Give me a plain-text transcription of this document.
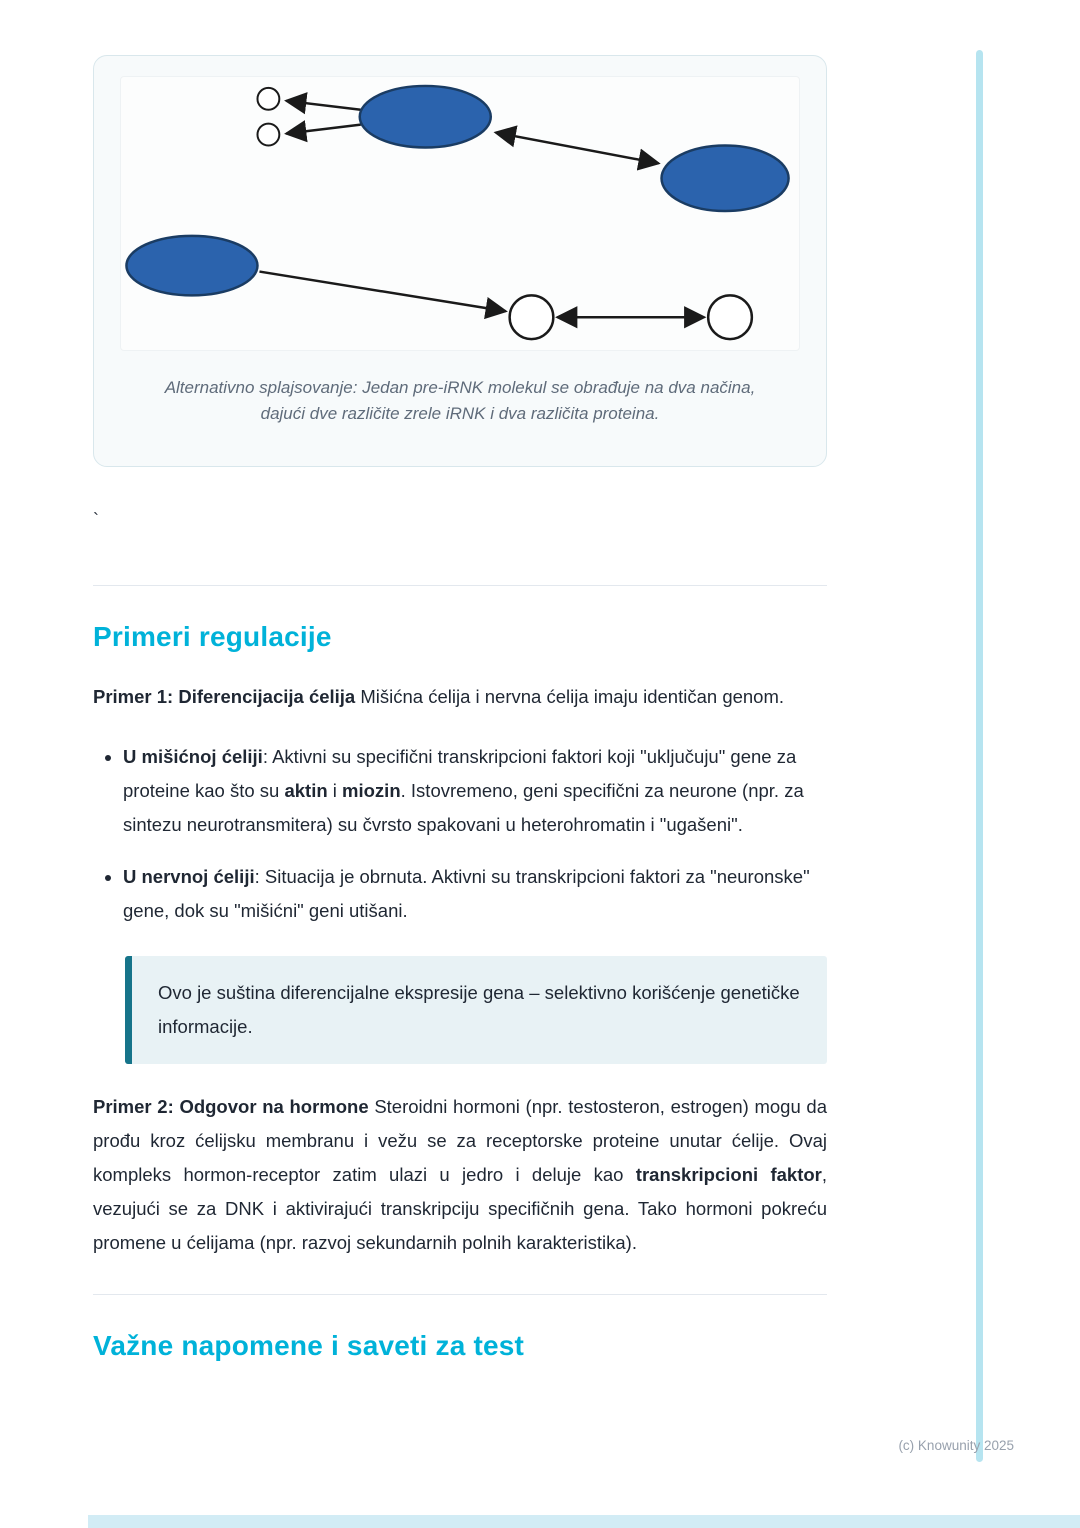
Alternativno splajsovanje: Jedan pre-iRNK molekul se obrađuje na dva načina, dajući dve različite zrele iRNK i dva različita proteina.
`
Primeri regulacije

Primer 1: Diferencijacija ćelija Mišićna ćelija i nervna ćelija imaju identičan genom.

• U mišićnoj ćeliji: Aktivni su specifični transkripcioni faktori koji "uključuju" gene za proteine kao što su aktin i miozin. Istovremeno, geni specifični za neurone (npr. za sintezu neurotransmitera) su čvrsto spakovani u heterohromatin i "ugašeni".
• U nervnoj ćeliji: Situacija je obrnuta. Aktivni su transkripcioni faktori za "neuronske" gene, dok su "mišićni" geni utišani.

Ovo je suština diferencijalne ekspresije gena – selektivno korišćenje genetičke informacije.

Primer 2: Odgovor na hormone Steroidni hormoni (npr. testosteron, estrogen) mogu da prođu kroz ćelijsku membranu i vežu se za receptorske proteine unutar ćelije. Ovaj kompleks hormon-receptor zatim ulazi u jedro i deluje kao transkripcioni faktor, vezujući se za DNK i aktivirajući transkripciju specifičnih gena. Tako hormoni pokreću promene u ćelijama (npr. razvoj sekundarnih polnih karakteristika).

Važne napomene i saveti za test
(c) Knowunity 2025
